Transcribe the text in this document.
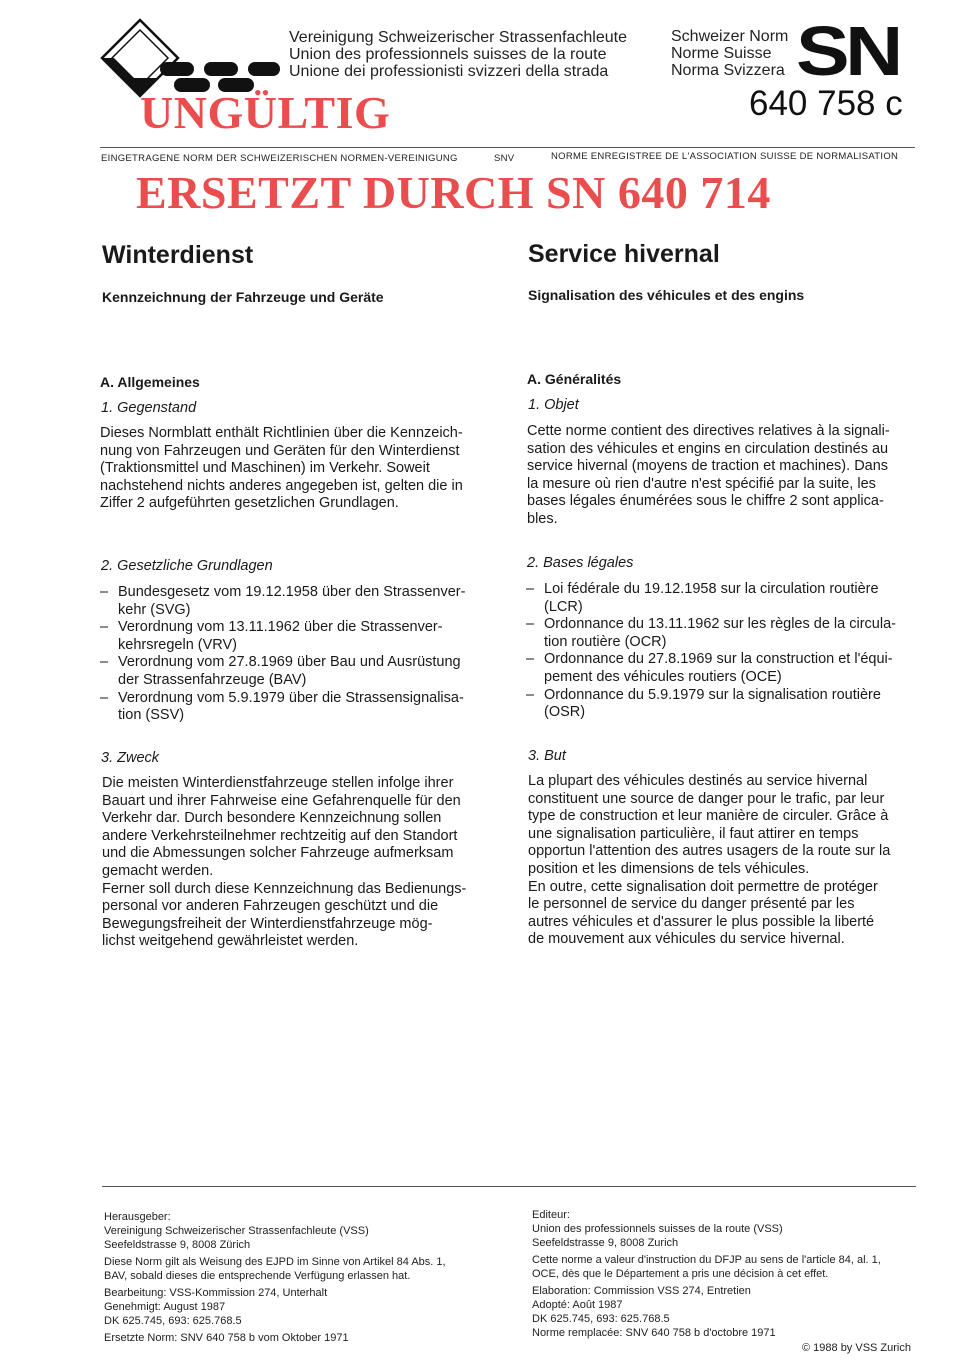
Vereinigung Schweizerischer Strassenfachleute
Union des professionnels suisses de la route
Unione dei professionisti svizzeri della strada
Schweizer Norm
Norme Suisse
Norma Svizzera SN
640 758 c
UNGÜLTIG
EINGETRAGENE NORM DER SCHWEIZERISCHEN NORMEN-VEREINIGUNG	SNV	NORME ENREGISTREE DE L'ASSOCIATION SUISSE DE NORMALISATION
ERSETZT DURCH SN 640 714
Winterdienst
Kennzeichnung der Fahrzeuge und Geräte
A. Allgemeines
1. Gegenstand
Dieses Normblatt enthält Richtlinien über die Kennzeich-
nung von Fahrzeugen und Geräten für den Winterdienst
(Traktionsmittel und Maschinen) im Verkehr. Soweit
nachstehend nichts anderes angegeben ist, gelten die in
Ziffer 2 aufgeführten gesetzlichen Grundlagen.
2. Gesetzliche Grundlagen
– Bundesgesetz vom 19.12.1958 über den Strassenver-
kehr (SVG)
– Verordnung vom 13.11.1962 über die Strassenver-
kehrsregeln (VRV)
– Verordnung vom 27.8.1969 über Bau und Ausrüstung
der Strassenfahrzeuge (BAV)
– Verordnung vom 5.9.1979 über die Strassensignalisa-
tion (SSV)
3. Zweck
Die meisten Winterdienstfahrzeuge stellen infolge ihrer
Bauart und ihrer Fahrweise eine Gefahrenquelle für den
Verkehr dar. Durch besondere Kennzeichnung sollen
andere Verkehrsteilnehmer rechtzeitig auf den Standort
und die Abmessungen solcher Fahrzeuge aufmerksam
gemacht werden.
Ferner soll durch diese Kennzeichnung das Bedienungs-
personal vor anderen Fahrzeugen geschützt und die
Bewegungsfreiheit der Winterdienstfahrzeuge mög-
lichst weitgehend gewährleistet werden.
Service hivernal
Signalisation des véhicules et des engins
A. Généralités
1. Objet
Cette norme contient des directives relatives à la signali-
sation des véhicules et engins en circulation destinés au
service hivernal (moyens de traction et machines). Dans
la mesure où rien d'autre n'est spécifié par la suite, les
bases légales énumérées sous le chiffre 2 sont applica-
bles.
2. Bases légales
– Loi fédérale du 19.12.1958 sur la circulation routière
(LCR)
– Ordonnance du 13.11.1962 sur les règles de la circula-
tion routière (OCR)
– Ordonnance du 27.8.1969 sur la construction et l'équi-
pement des véhicules routiers (OCE)
– Ordonnance du 5.9.1979 sur la signalisation routière
(OSR)
3. But
La plupart des véhicules destinés au service hivernal
constituent une source de danger pour le trafic, par leur
type de construction et leur manière de circuler. Grâce à
une signalisation particulière, il faut attirer en temps
opportun l'attention des autres usagers de la route sur la
position et les dimensions de tels véhicules.
En outre, cette signalisation doit permettre de protéger
le personnel de service du danger présenté par les
autres véhicules et d'assurer le plus possible la liberté
de mouvement aux véhicules du service hivernal.
Herausgeber:
Vereinigung Schweizerischer Strassenfachleute (VSS)
Seefeldstrasse 9, 8008 Zürich
Diese Norm gilt als Weisung des EJPD im Sinne von Artikel 84 Abs. 1,
BAV, sobald dieses die entsprechende Verfügung erlassen hat.
Bearbeitung: VSS-Kommission 274, Unterhalt
Genehmigt: August 1987
DK 625.745, 693: 625.768.5
Ersetzte Norm: SNV 640 758 b vom Oktober 1971
Editeur:
Union des professionnels suisses de la route (VSS)
Seefeldstrasse 9, 8008 Zurich
Cette norme a valeur d'instruction du DFJP au sens de l'article 84, al. 1,
OCE, dès que le Département a pris une décision à cet effet.
Elaboration: Commission VSS 274, Entretien
Adopté: Août 1987
DK 625.745, 693: 625.768.5
Norme remplacée: SNV 640 758 b d'octobre 1971
© 1988 by VSS Zurich
